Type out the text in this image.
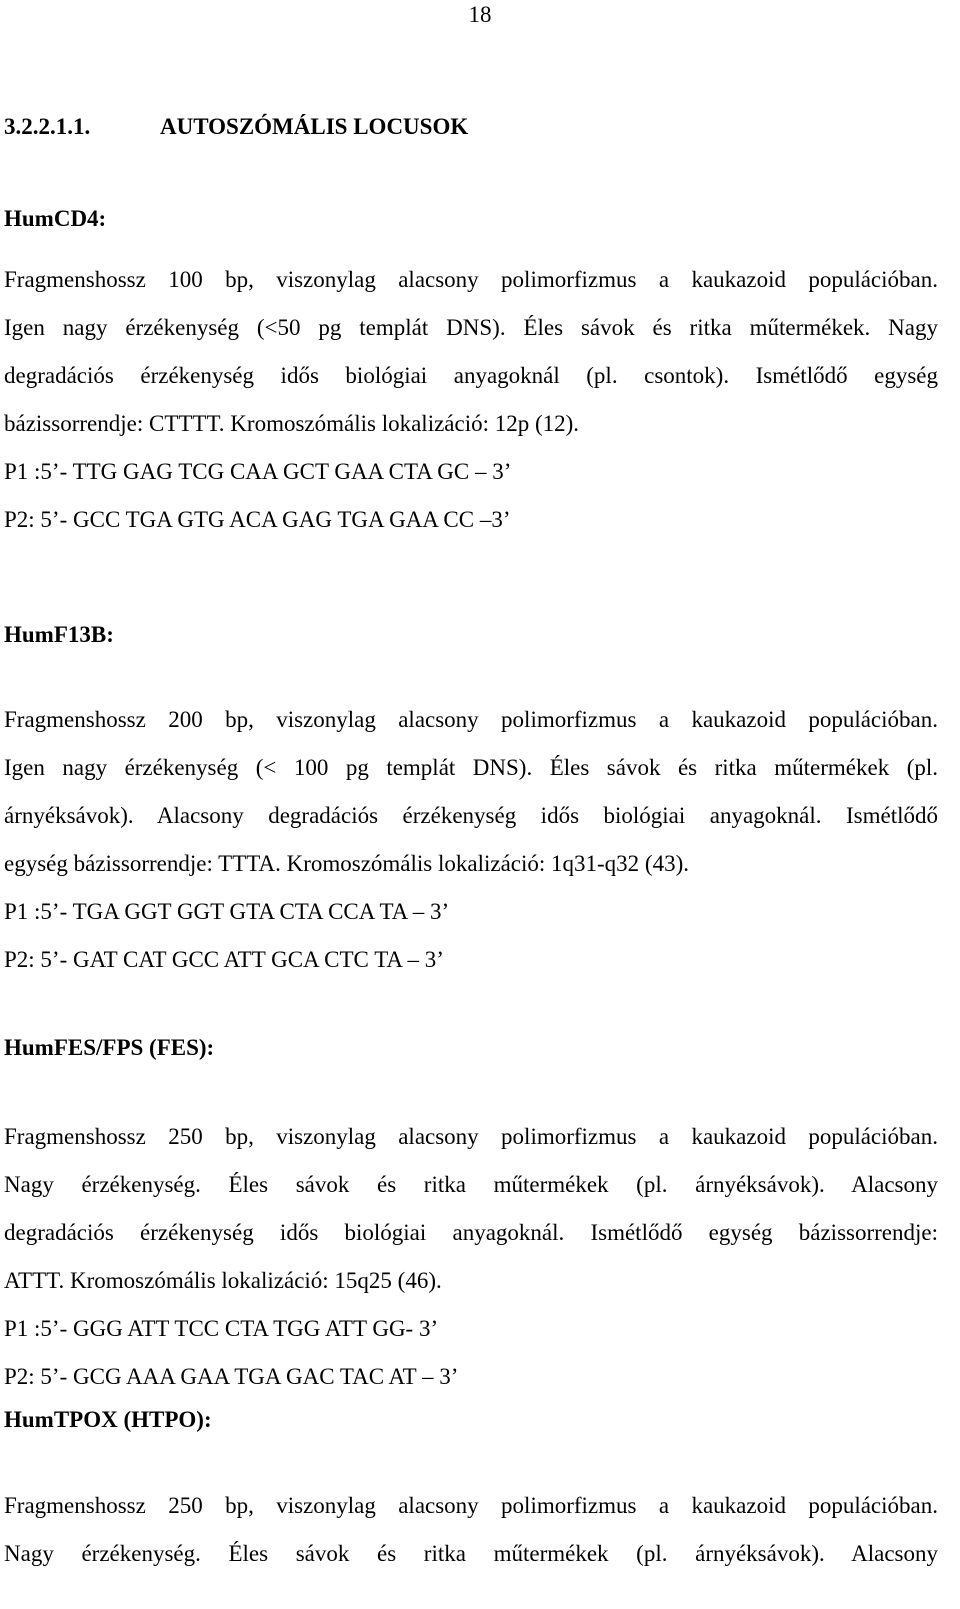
18
3.2.2.1.1.	AUTOSZÓMÁLIS LOCUSOK
HumCD4:

Fragmenshossz 100 bp, viszonylag alacsony polimorfizmus a kaukazoid populációban.
Igen nagy érzékenység (<50 pg templát DNS). Éles sávok és ritka műtermékek. Nagy
degradációs érzékenység idős biológiai anyagoknál (pl. csontok). Ismétlődő egység
bázissorrendje: CTTTT. Kromoszómális lokalizáció: 12p (12).

P1 :5’- TTG GAG TCG CAA GCT GAA CTA GC – 3’

P2: 5’- GCC TGA GTG ACA GAG TGA GAA CC –3’

HumF13B:

Fragmenshossz 200 bp, viszonylag alacsony polimorfizmus a kaukazoid populációban.
Igen nagy érzékenység (< 100 pg templát DNS). Éles sávok és ritka műtermékek (pl.
árnyéksávok). Alacsony degradációs érzékenység idős biológiai anyagoknál. Ismétlődő
egység bázissorrendje: TTTA. Kromoszómális lokalizáció: 1q31-q32 (43).

P1 :5’- TGA GGT GGT GTA CTA CCA TA – 3’

P2: 5’- GAT CAT GCC ATT GCA CTC TA – 3’

HumFES/FPS (FES):

Fragmenshossz 250 bp, viszonylag alacsony polimorfizmus a kaukazoid populációban.
Nagy érzékenység. Éles sávok és ritka műtermékek (pl. árnyéksávok). Alacsony
degradációs érzékenység idős biológiai anyagoknál. Ismétlődő egység bázissorrendje:
ATTT. Kromoszómális lokalizáció: 15q25 (46).

P1 :5’- GGG ATT TCC CTA TGG ATT GG- 3’

P2: 5’- GCG AAA GAA TGA GAC TAC AT – 3’

HumTPOX (HTPO):

Fragmenshossz 250 bp, viszonylag alacsony polimorfizmus a kaukazoid populációban.
Nagy érzékenység. Éles sávok és ritka műtermékek (pl. árnyéksávok). Alacsony
